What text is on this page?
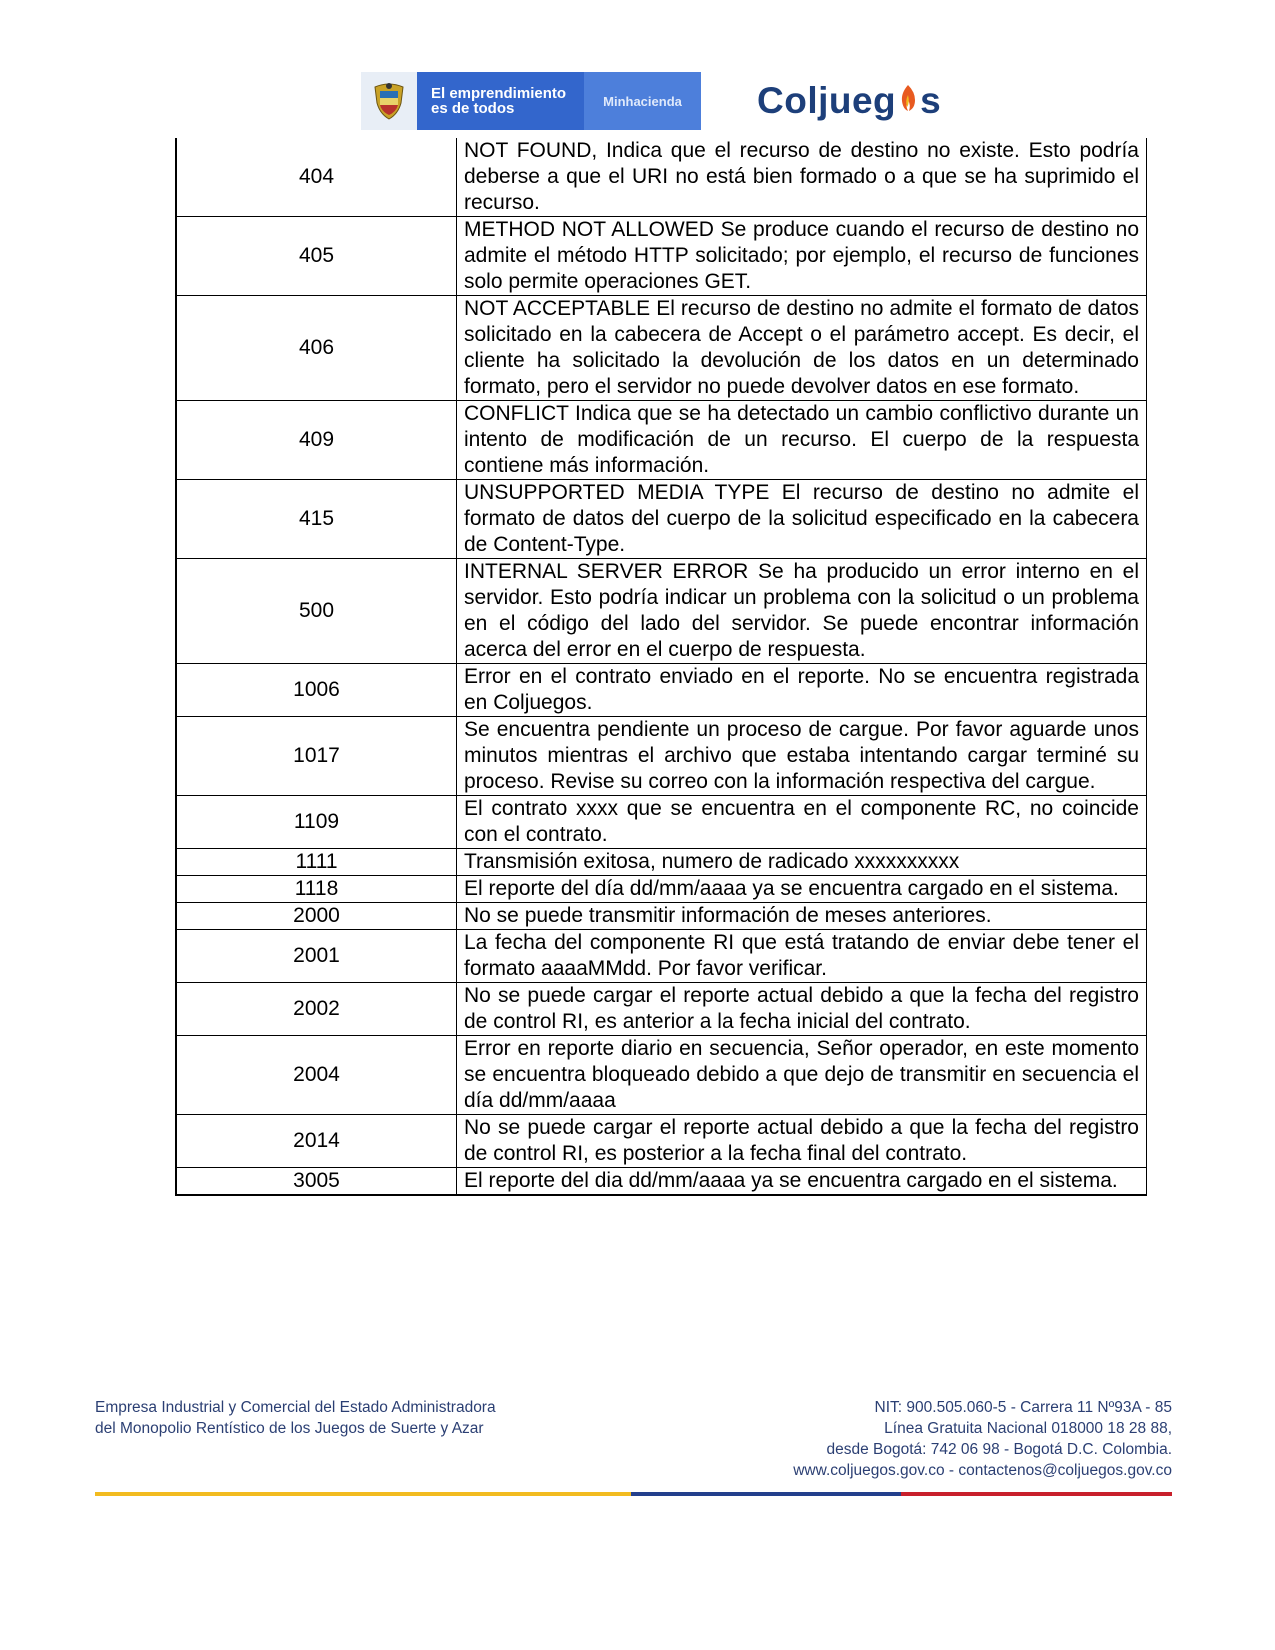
El emprendimiento
es de todos	Minhacienda	Coljueg s
404	NOT FOUND, Indica que el recurso de destino no existe. Esto podría deberse a que el URI no está bien formado o a que se ha suprimido el recurso.
405	METHOD NOT ALLOWED Se produce cuando el recurso de destino no admite el método HTTP solicitado; por ejemplo, el recurso de funciones solo permite operaciones GET.
406	NOT ACCEPTABLE El recurso de destino no admite el formato de datos solicitado en la cabecera de Accept o el parámetro accept. Es decir, el cliente ha solicitado la devolución de los datos en un determinado formato, pero el servidor no puede devolver datos en ese formato.
409	CONFLICT Indica que se ha detectado un cambio conflictivo durante un intento de modificación de un recurso. El cuerpo de la respuesta contiene más información.
415	UNSUPPORTED MEDIA TYPE El recurso de destino no admite el formato de datos del cuerpo de la solicitud especificado en la cabecera de Content-Type.
500	INTERNAL SERVER ERROR Se ha producido un error interno en el servidor. Esto podría indicar un problema con la solicitud o un problema en el código del lado del servidor. Se puede encontrar información acerca del error en el cuerpo de respuesta.
1006	Error en el contrato enviado en el reporte. No se encuentra registrada en Coljuegos.
1017	Se encuentra pendiente un proceso de cargue. Por favor aguarde unos minutos mientras el archivo que estaba intentando cargar terminé su proceso. Revise su correo con la información respectiva del cargue.
1109	El contrato xxxx que se encuentra en el componente RC, no coincide con el contrato.
1111	Transmisión exitosa, numero de radicado xxxxxxxxxx
1118	El reporte del día dd/mm/aaaa ya se encuentra cargado en el sistema.
2000	No se puede transmitir información de meses anteriores.
2001	La fecha del componente RI que está tratando de enviar debe tener el formato aaaaMMdd. Por favor verificar.
2002	No se puede cargar el reporte actual debido a que la fecha del registro de control RI, es anterior a la fecha inicial del contrato.
2004	Error en reporte diario en secuencia, Señor operador, en este momento se encuentra bloqueado debido a que dejo de transmitir en secuencia el día dd/mm/aaaa
2014	No se puede cargar el reporte actual debido a que la fecha del registro de control RI, es posterior a la fecha final del contrato.
3005	El reporte del dia dd/mm/aaaa ya se encuentra cargado en el sistema.
Empresa Industrial y Comercial del Estado Administradora
del Monopolio Rentístico de los Juegos de Suerte y Azar
NIT: 900.505.060-5 - Carrera 11 Nº93A - 85
Línea Gratuita Nacional 018000 18 28 88,
desde Bogotá: 742 06 98 - Bogotá D.C. Colombia.
www.coljuegos.gov.co - contactenos@coljuegos.gov.co
